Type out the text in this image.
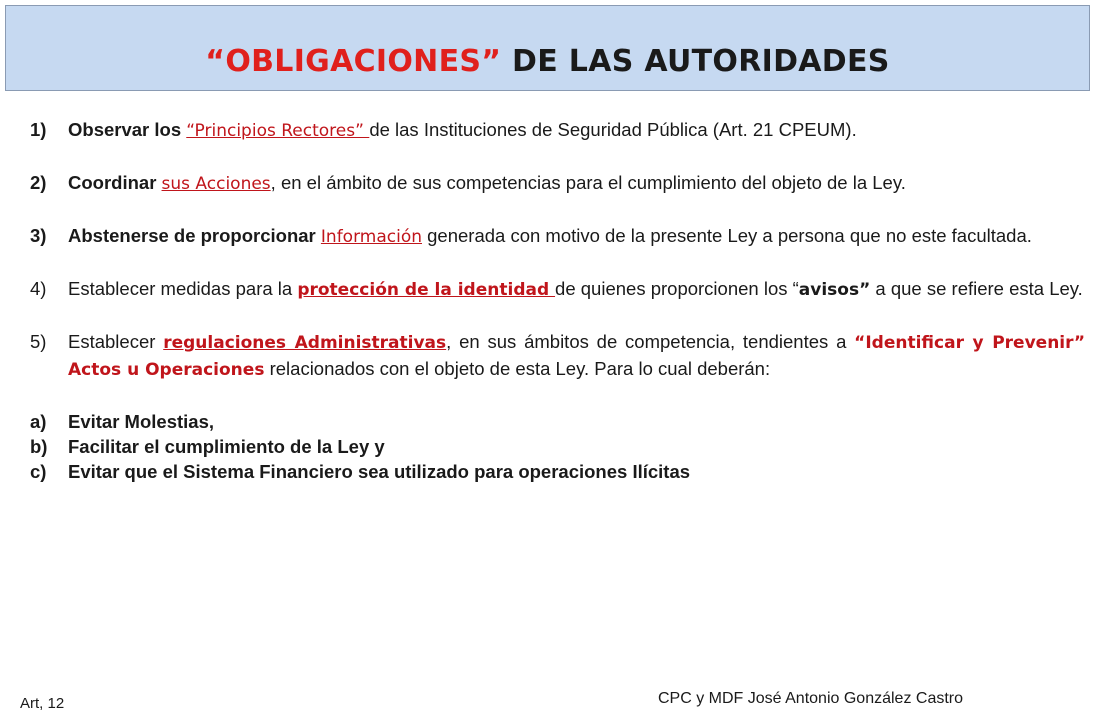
“OBLIGACIONES” DE LAS AUTORIDADES
1)	Observar los “Principios Rectores” de las Instituciones de Seguridad Pública (Art. 21 CPEUM).
2)	Coordinar sus Acciones, en el ámbito de sus competencias para el cumplimiento del objeto de la Ley.
3)	Abstenerse de proporcionar Información generada con motivo de la presente Ley a persona que no este facultada.
4)	Establecer medidas para la protección de la identidad de quienes proporcionen los “avisos” a que se refiere esta Ley.
5)	Establecer regulaciones Administrativas, en sus ámbitos de competencia, tendientes a “Identificar y Prevenir” Actos u Operaciones relacionados con el objeto de esta Ley. Para lo cual deberán:
a)	Evitar Molestias,
b)	Facilitar el cumplimiento de la Ley y
c)	Evitar que el Sistema Financiero sea utilizado para operaciones Ilícitas
Art, 12	CPC y MDF José Antonio González Castro
